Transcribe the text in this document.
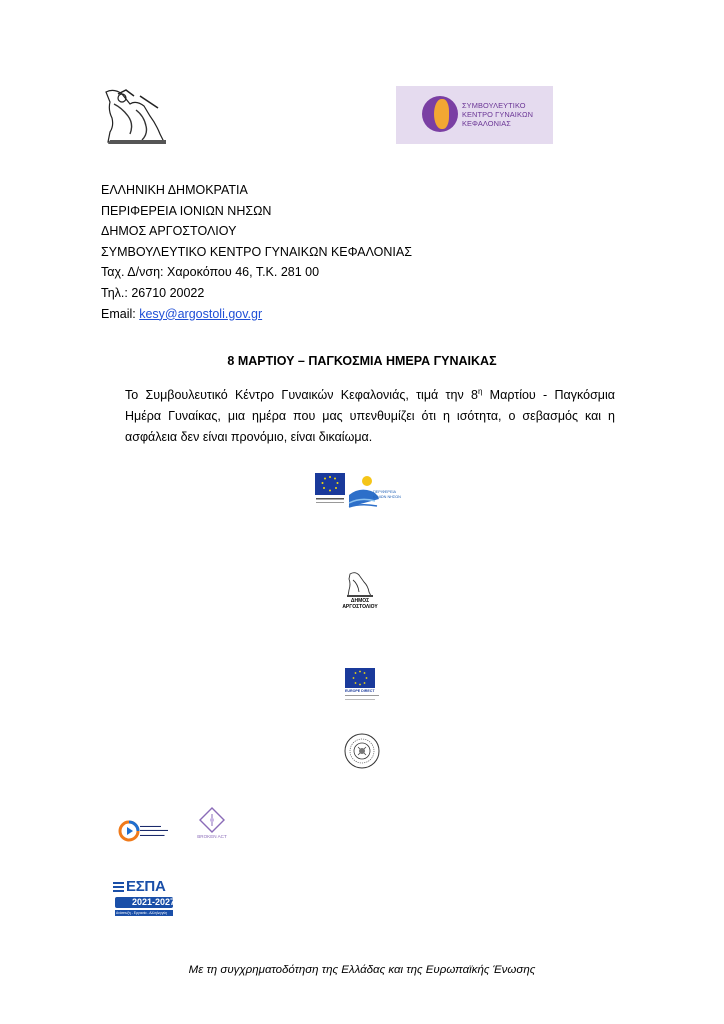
ΣΥΜΒΟΥΛΕΥΤΙΚΟ
ΚΕΝΤΡΟ ΓΥΝΑΙΚΩΝ
ΚΕΦΑΛΟΝΙΑΣ
ΕΛΛΗΝΙΚΗ ΔΗΜΟΚΡΑΤΙΑ
ΠΕΡΙΦΕΡΕΙΑ ΙΟΝΙΩΝ ΝΗΣΩΝ
ΔΗΜΟΣ ΑΡΓΟΣΤΟΛΙΟΥ
ΣΥΜΒΟΥΛΕΥΤΙΚΟ ΚΕΝΤΡΟ ΓΥΝΑΙΚΩΝ ΚΕΦΑΛΟΝΙΑΣ
Ταχ. Δ/νση: Χαροκόπου 46, Τ.Κ. 281 00
Τηλ.: 26710 20022
Email: kesy@argostoli.gov.gr
8 ΜΑΡΤΙΟΥ – ΠΑΓΚΟΣΜΙΑ ΗΜΕΡΑ ΓΥΝΑΙΚΑΣ
Το Συμβουλευτικό Κέντρο Γυναικών Κεφαλονιάς, τιμά την $8^\eta$ Μαρτίου - Παγκόσμια Ημέρα Γυναίκας, μια ημέρα που μας υπενθυμίζει ότι η ισότητα, ο σεβασμός και η ασφάλεια δεν είναι προνόμιο, είναι δικαίωμα.
ΠΕΡΙΦΕΡΕΙΑ ΙΟΝΙΩΝ ΝΗΣΩΝ
ΔΗΜΟΣ
ΑΡΓΟΣΤΟΛΙΟΥ
EUROPE DIRECT
▬▬▬▬▬▬
▬▬▬▬▬▬▬▬
▬▬▬▬▬▬▬	BROKEN ACT
ΕΣΠΑ
2021-2027
Ανάπτυξη - Εργασία - Αλληλεγγύη
Με τη συγχρηματοδότηση της Ελλάδας και της Ευρωπαϊκής Ένωσης
